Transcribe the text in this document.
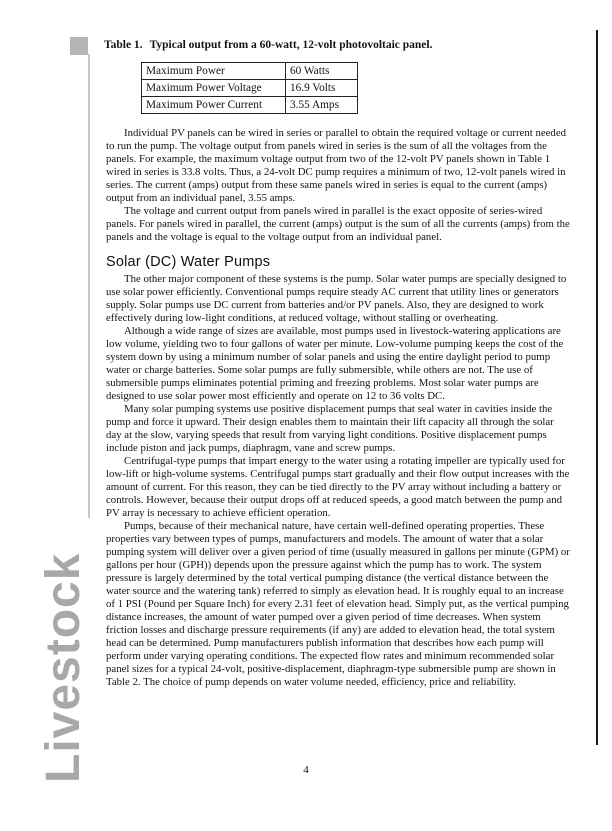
Livestock
Table 1. Typical output from a 60-watt, 12-volt photovoltaic panel.
Maximum Power	60 Watts
Maximum Power Voltage	16.9 Volts
Maximum Power Current	3.55 Amps

Individual PV panels can be wired in series or parallel to obtain the required voltage or current needed to run the pump. The voltage output from panels wired in series is the sum of all the voltages from the panels. For example, the maximum voltage output from two of the 12-volt PV panels shown in Table 1 wired in series is 33.8 volts. Thus, a 24-volt DC pump requires a minimum of two, 12-volt panels wired in series. The current (amps) output from these same panels wired in series is equal to the current (amps) output from an individual panel, 3.55 amps.

The voltage and current output from panels wired in parallel is the exact opposite of series-wired panels. For panels wired in parallel, the current (amps) output is the sum of all the currents (amps) from the panels and the voltage is equal to the voltage output from an individual panel.

Solar (DC) Water Pumps

The other major component of these systems is the pump. Solar water pumps are specially designed to use solar power efficiently. Conventional pumps require steady AC current that utility lines or generators supply. Solar pumps use DC current from batteries and/or PV panels. Also, they are designed to work effectively during low-light conditions, at reduced voltage, without stalling or overheating.

Although a wide range of sizes are available, most pumps used in livestock-watering applications are low volume, yielding two to four gallons of water per minute. Low-volume pumping keeps the cost of the system down by using a minimum number of solar panels and using the entire daylight period to pump water or charge batteries. Some solar pumps are fully submersible, while others are not. The use of submersible pumps eliminates potential priming and freezing problems. Most solar water pumps are designed to use solar power most efficiently and operate on 12 to 36 volts DC.

Many solar pumping systems use positive displacement pumps that seal water in cavities inside the pump and force it upward. Their design enables them to maintain their lift capacity all through the solar day at the slow, varying speeds that result from varying light conditions. Positive displacement pumps include piston and jack pumps, diaphragm, vane and screw pumps.

Centrifugal-type pumps that impart energy to the water using a rotating impeller are typically used for low-lift or high-volume systems. Centrifugal pumps start gradually and their flow output increases with the amount of current. For this reason, they can be tied directly to the PV array without including a battery or controls. However, because their output drops off at reduced speeds, a good match between the pump and PV array is necessary to achieve efficient operation.

Pumps, because of their mechanical nature, have certain well-defined operating properties. These properties vary between types of pumps, manufacturers and models. The amount of water that a solar pumping system will deliver over a given period of time (usually measured in gallons per minute (GPM) or gallons per hour (GPH)) depends upon the pressure against which the pump has to work. The system pressure is largely determined by the total vertical pumping distance (the vertical distance between the water source and the watering tank) referred to simply as elevation head. It is roughly equal to an increase of 1 PSI (Pound per Square Inch) for every 2.31 feet of elevation head. Simply put, as the vertical pumping distance increases, the amount of water pumped over a given period of time decreases. When system friction losses and discharge pressure requirements (if any) are added to elevation head, the total system head can be determined. Pump manufacturers publish information that describes how each pump will perform under varying operating conditions. The expected flow rates and minimum recommended solar panel sizes for a typical 24-volt, positive-displacement, diaphragm-type submersible pump are shown in Table 2. The choice of pump depends on water volume needed, efficiency, price and reliability.

4
